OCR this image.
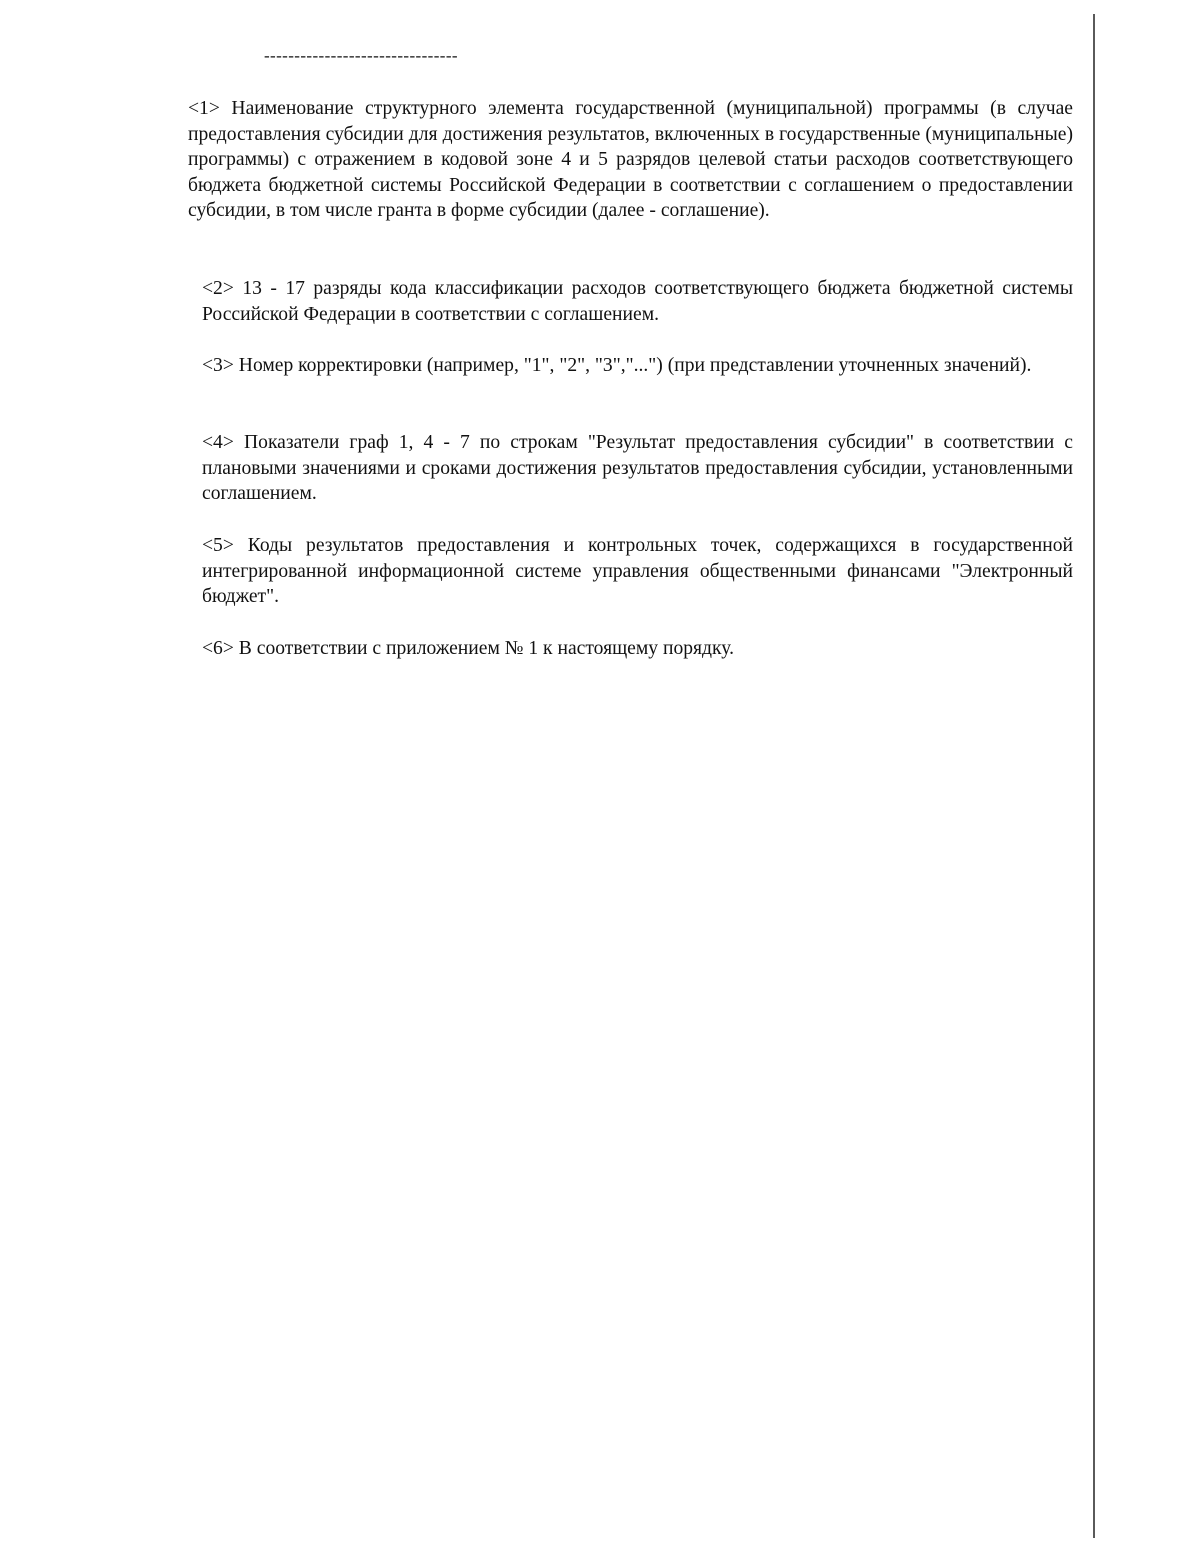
--------------------------------

<1> Наименование структурного элемента государственной (муниципальной) программы (в случае предоставления субсидии для достижения результатов, включенных в государственные (муниципальные) программы) с отражением в кодовой зоне 4 и 5 разрядов целевой статьи расходов соответствующего бюджета бюджетной системы Российской Федерации в соответствии с соглашением о предоставлении субсидии, в том числе гранта в форме субсидии (далее - соглашение).

<2> 13 - 17 разряды кода классификации расходов соответствующего бюджета бюджетной системы Российской Федерации в соответствии с соглашением.

<3> Номер корректировки (например, "1", "2", "3","...") (при представлении уточненных значений).

<4> Показатели граф 1, 4 - 7 по строкам "Результат предоставления субсидии" в соответствии с плановыми значениями и сроками достижения результатов предоставления субсидии, установленными соглашением.

<5> Коды результатов предоставления и контрольных точек, содержащихся в государственной интегрированной информационной системе управления общественными финансами "Электронный бюджет".

<6> В соответствии с приложением № 1 к настоящему порядку.
